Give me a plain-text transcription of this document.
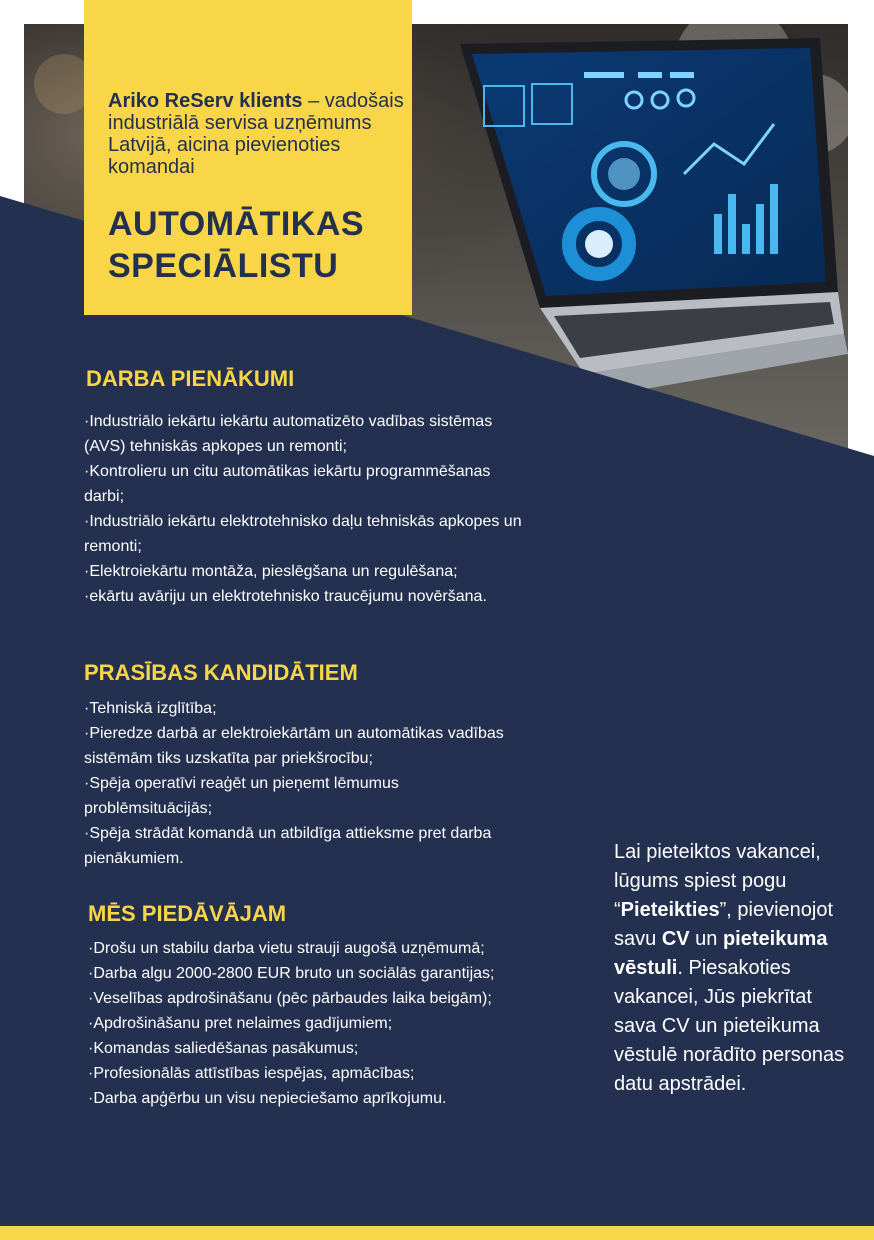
Ariko ReServ klients – vadošais industriālā servisa uzņēmums Latvijā, aicina pievienoties komandai
AUTOMĀTIKAS
SPECIĀLISTU
DARBA PIENĀKUMI
·Industriālo iekārtu iekārtu automatizēto vadības sistēmas (AVS) tehniskās apkopes un remonti;
·Kontrolieru un citu automātikas iekārtu programmēšanas darbi;
·Industriālo iekārtu elektrotehnisko daļu tehniskās apkopes un remonti;
·Elektroiekārtu montāža, pieslēgšana un regulēšana;
·ekārtu avāriju un elektrotehnisko traucējumu novēršana.
PRASĪBAS KANDIDĀTIEM
·Tehniskā izglītība;
·Pieredze darbā ar elektroiekārtām un automātikas vadības sistēmām tiks uzskatīta par priekšrocību;
·Spēja operatīvi reaģēt un pieņemt lēmumus problēmsituācijās;
·Spēja strādāt komandā un atbildīga attieksme pret darba pienākumiem.
MĒS PIEDĀVĀJAM
·Drošu un stabilu darba vietu strauji augošā uzņēmumā;
·Darba algu 2000-2800 EUR bruto un sociālās garantijas;
·Veselības apdrošināšanu (pēc pārbaudes laika beigām);
·Apdrošināšanu pret nelaimes gadījumiem;
·Komandas saliedēšanas pasākumus;
·Profesionālās attīstības iespējas, apmācības;
·Darba apģērbu un visu nepieciešamo aprīkojumu.
Lai pieteiktos vakancei, lūgums spiest pogu “Pieteikties”, pievienojot savu CV un pieteikuma vēstuli. Piesakoties vakancei, Jūs piekrītat sava CV un pieteikuma vēstulē norādīto personas datu apstrādei.
